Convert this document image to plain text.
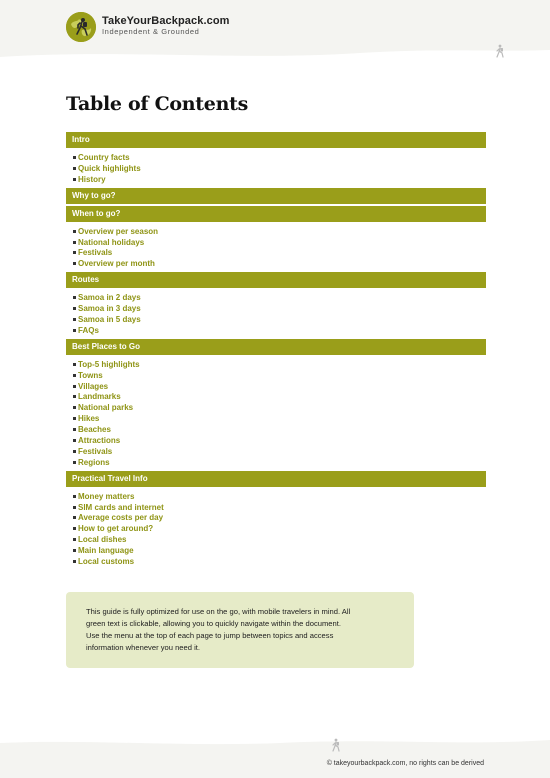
TakeYourBackpack.com
Independent & Grounded
Table of Contents
Intro
Country facts
Quick highlights
History
Why to go?
When to go?
Overview per season
National holidays
Festivals
Overview per month
Routes
Samoa in 2 days
Samoa in 3 days
Samoa in 5 days
FAQs
Best Places to Go
Top-5 highlights
Towns
Villages
Landmarks
National parks
Hikes
Beaches
Attractions
Festivals
Regions
Practical Travel Info
Money matters
SIM cards and internet
Average costs per day
How to get around?
Local dishes
Main language
Local customs

This guide is fully optimized for use on the go, with mobile travelers in mind. All
green text is clickable, allowing you to quickly navigate within the document.
Use the menu at the top of each page to jump between topics and access
information whenever you need it.

© takeyourbackpack.com, no rights can be derived
